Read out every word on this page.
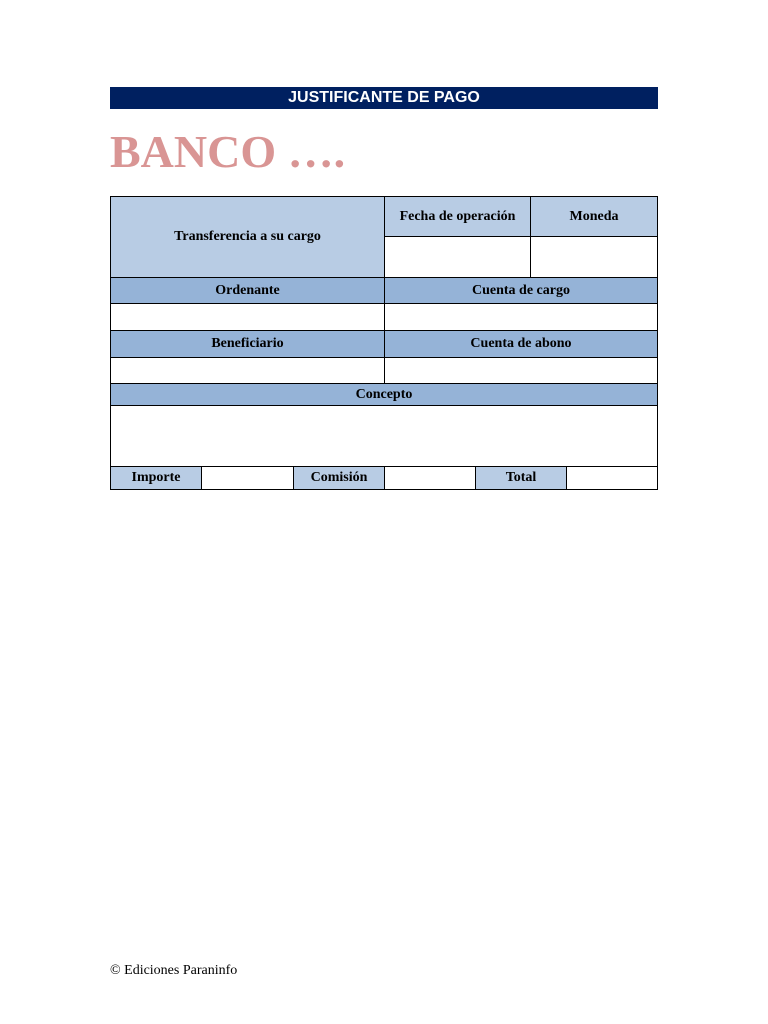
JUSTIFICANTE DE PAGO
BANCO ….
Transferencia a su cargo
Fecha de operación	Moneda
Ordenante	Cuenta de cargo
Beneficiario	Cuenta de abono
Concepto
Importe	Comisión	Total
© Ediciones Paraninfo
